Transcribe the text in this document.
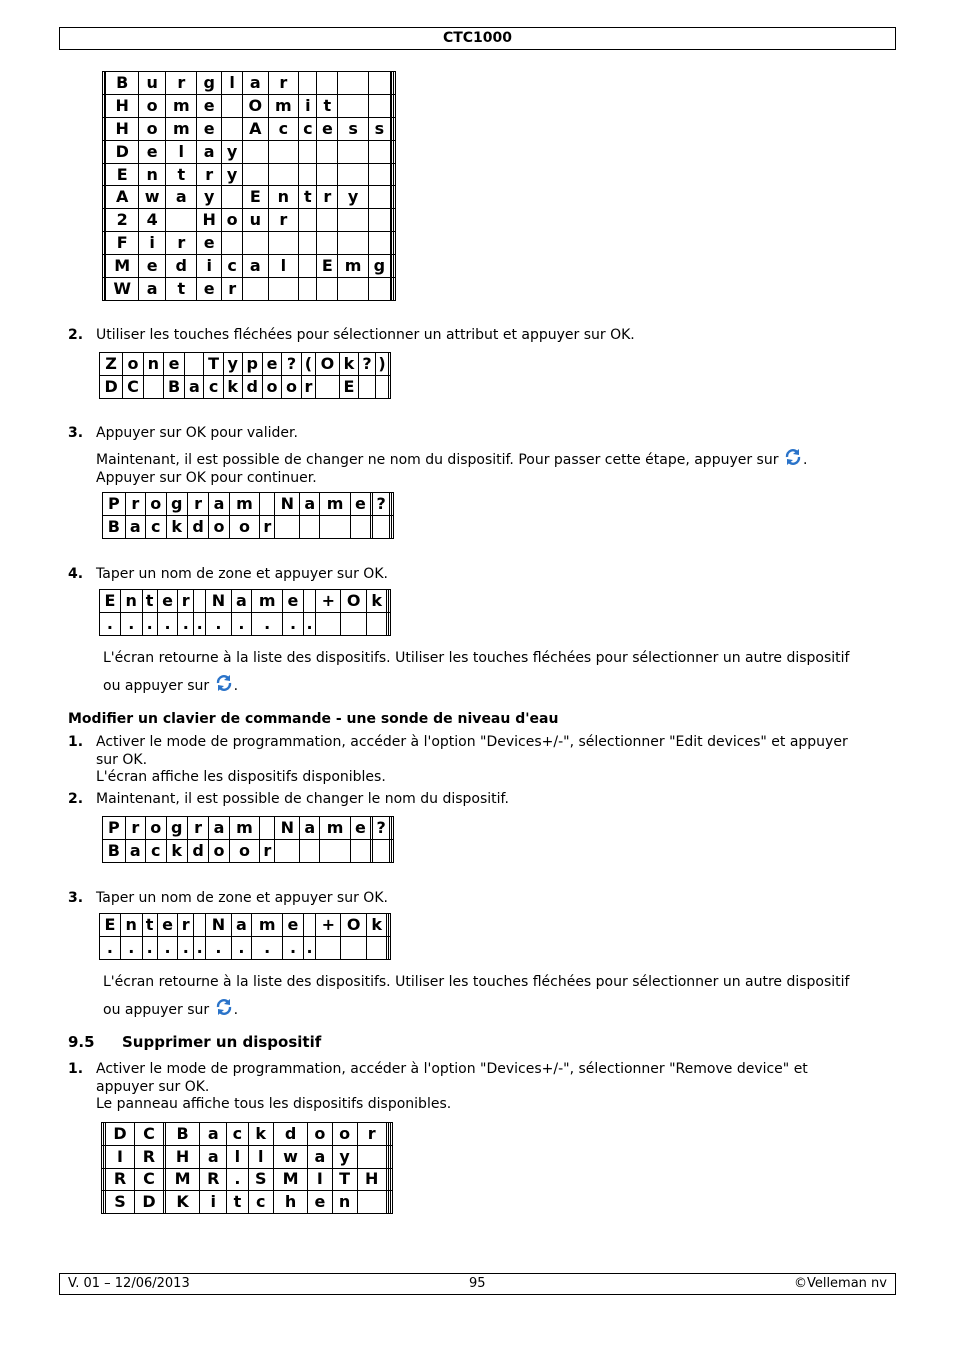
CTC1000
		B	u	r	g	l	a	r							
		H	o	m	e		O	m	i	t					
		H	o	m	e		A	c	c	e	s	s			
		D	e	l	a	y									
		E	n	t	r	y									
		A	w	a	y		E	n	t	r	y				
		2	4		H	o	u	r							
		F	i	r	e										
		M	e	d	i	c	a	l		E	m	g			
		W	a	t	e	r									
2. Utiliser les touches fléchées pour sélectionner un attribut et appuyer sur OK.
Z	o	n	e		T	y	p	e	?	(	O	k	?	)	
D	C		B	a	c	k	d	o	o	r		E			
3. Appuyer sur OK pour valider.
Maintenant, il est possible de changer ne nom du dispositif. Pour passer cette étape, appuyer sur .
Appuyer sur OK pour continuer.
P	r	o	g	r	a	m		N	a	m	e		?		
B	a	c	k	d	o	o	r								
4. Taper un nom de zone et appuyer sur OK.
E	n	t	e	r		N	a	m	e		+	O	k		
.	.	.	.	.	.	.	.	.	.	.					
L'écran retourne à la liste des dispositifs. Utiliser les touches fléchées pour sélectionner un autre dispositif
ou appuyer sur .
Modifier un clavier de commande - une sonde de niveau d'eau
1. Activer le mode de programmation, accéder à l'option "Devices+/-", sélectionner "Edit devices" et appuyer
sur OK.
L'écran affiche les dispositifs disponibles.
2. Maintenant, il est possible de changer le nom du dispositif.
P	r	o	g	r	a	m		N	a	m	e		?		
B	a	c	k	d	o	o	r								
3. Taper un nom de zone et appuyer sur OK.
E	n	t	e	r		N	a	m	e		+	O	k		
.	.	.	.	.	.	.	.	.	.	.					
L'écran retourne à la liste des dispositifs. Utiliser les touches fléchées pour sélectionner un autre dispositif
ou appuyer sur .
9.5 Supprimer un dispositif
1. Activer le mode de programmation, accéder à l'option "Devices+/-", sélectionner "Remove device" et
appuyer sur OK.
Le panneau affiche tous les dispositifs disponibles.
		D	C		B	a	c	k	d	o	o	r			
		I	R		H	a	l	l	w	a	y				
		R	C		M	R	.	S	M	I	T	H			
		S	D		K	i	t	c	h	e	n				
V. 01 – 12/06/2013	95	©Velleman nv
